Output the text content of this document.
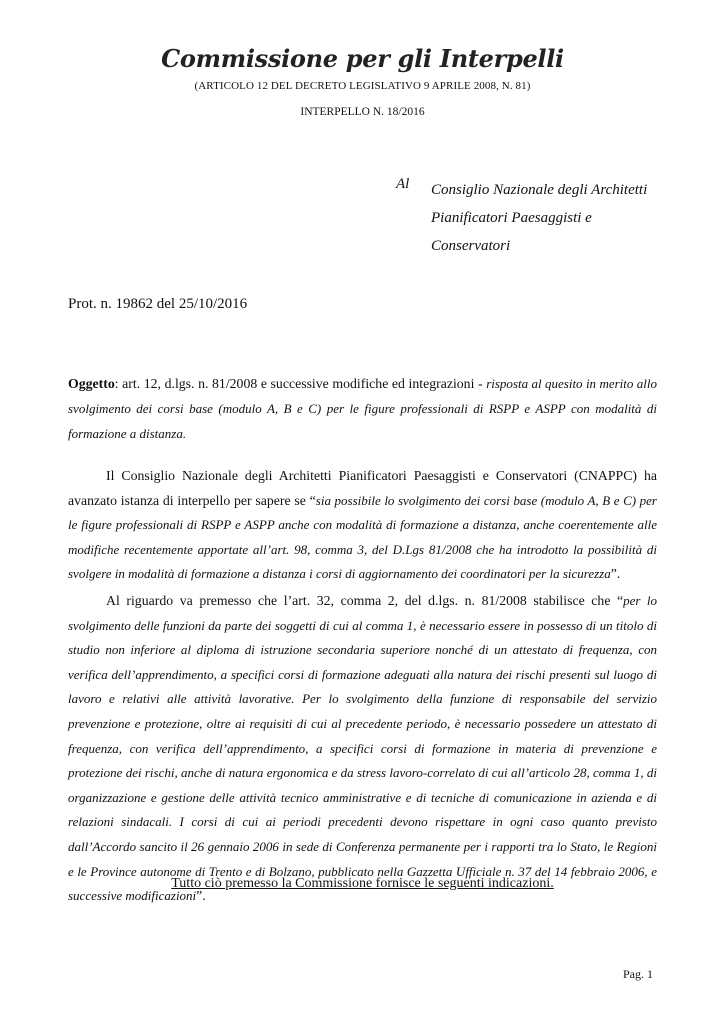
Commissione per gli Interpelli
(ARTICOLO 12 DEL DECRETO LEGISLATIVO 9 APRILE 2008, N. 81)
INTERPELLO N. 18/2016
Al Consiglio Nazionale degli Architetti
Pianificatori Paesaggisti e
Conservatori
Prot. n. 19862 del 25/10/2016
Oggetto: art. 12, d.lgs. n. 81/2008 e successive modifiche ed integrazioni - risposta al quesito in merito allo svolgimento dei corsi base (modulo A, B e C) per le figure professionali di RSPP e ASPP con modalità di formazione a distanza.

Il Consiglio Nazionale degli Architetti Pianificatori Paesaggisti e Conservatori (CNAPPC) ha avanzato istanza di interpello per sapere se “sia possibile lo svolgimento dei corsi base (modulo A, B e C) per le figure professionali di RSPP e ASPP anche con modalità di formazione a distanza, anche coerentemente alle modifiche recentemente apportate all’art. 98, comma 3, del D.Lgs 81/2008 che ha introdotto la possibilità di svolgere in modalità di formazione a distanza i corsi di aggiornamento dei coordinatori per la sicurezza”.

Al riguardo va premesso che l’art. 32, comma 2, del d.lgs. n. 81/2008 stabilisce che “per lo svolgimento delle funzioni da parte dei soggetti di cui al comma 1, è necessario essere in possesso di un titolo di studio non inferiore al diploma di istruzione secondaria superiore nonché di un attestato di frequenza, con verifica dell’apprendimento, a specifici corsi di formazione adeguati alla natura dei rischi presenti sul luogo di lavoro e relativi alle attività lavorative. Per lo svolgimento della funzione di responsabile del servizio prevenzione e protezione, oltre ai requisiti di cui al precedente periodo, è necessario possedere un attestato di frequenza, con verifica dell’apprendimento, a specifici corsi di formazione in materia di prevenzione e protezione dei rischi, anche di natura ergonomica e da stress lavoro-correlato di cui all’articolo 28, comma 1, di organizzazione e gestione delle attività tecnico amministrative e di tecniche di comunicazione in azienda e di relazioni sindacali. I corsi di cui ai periodi precedenti devono rispettare in ogni caso quanto previsto dall’Accordo sancito il 26 gennaio 2006 in sede di Conferenza permanente per i rapporti tra lo Stato, le Regioni e le Province autonome di Trento e di Bolzano, pubblicato nella Gazzetta Ufficiale n. 37 del 14 febbraio 2006, e successive modificazioni”.

Tutto ciò premesso la Commissione fornisce le seguenti indicazioni.
Pag. 1
